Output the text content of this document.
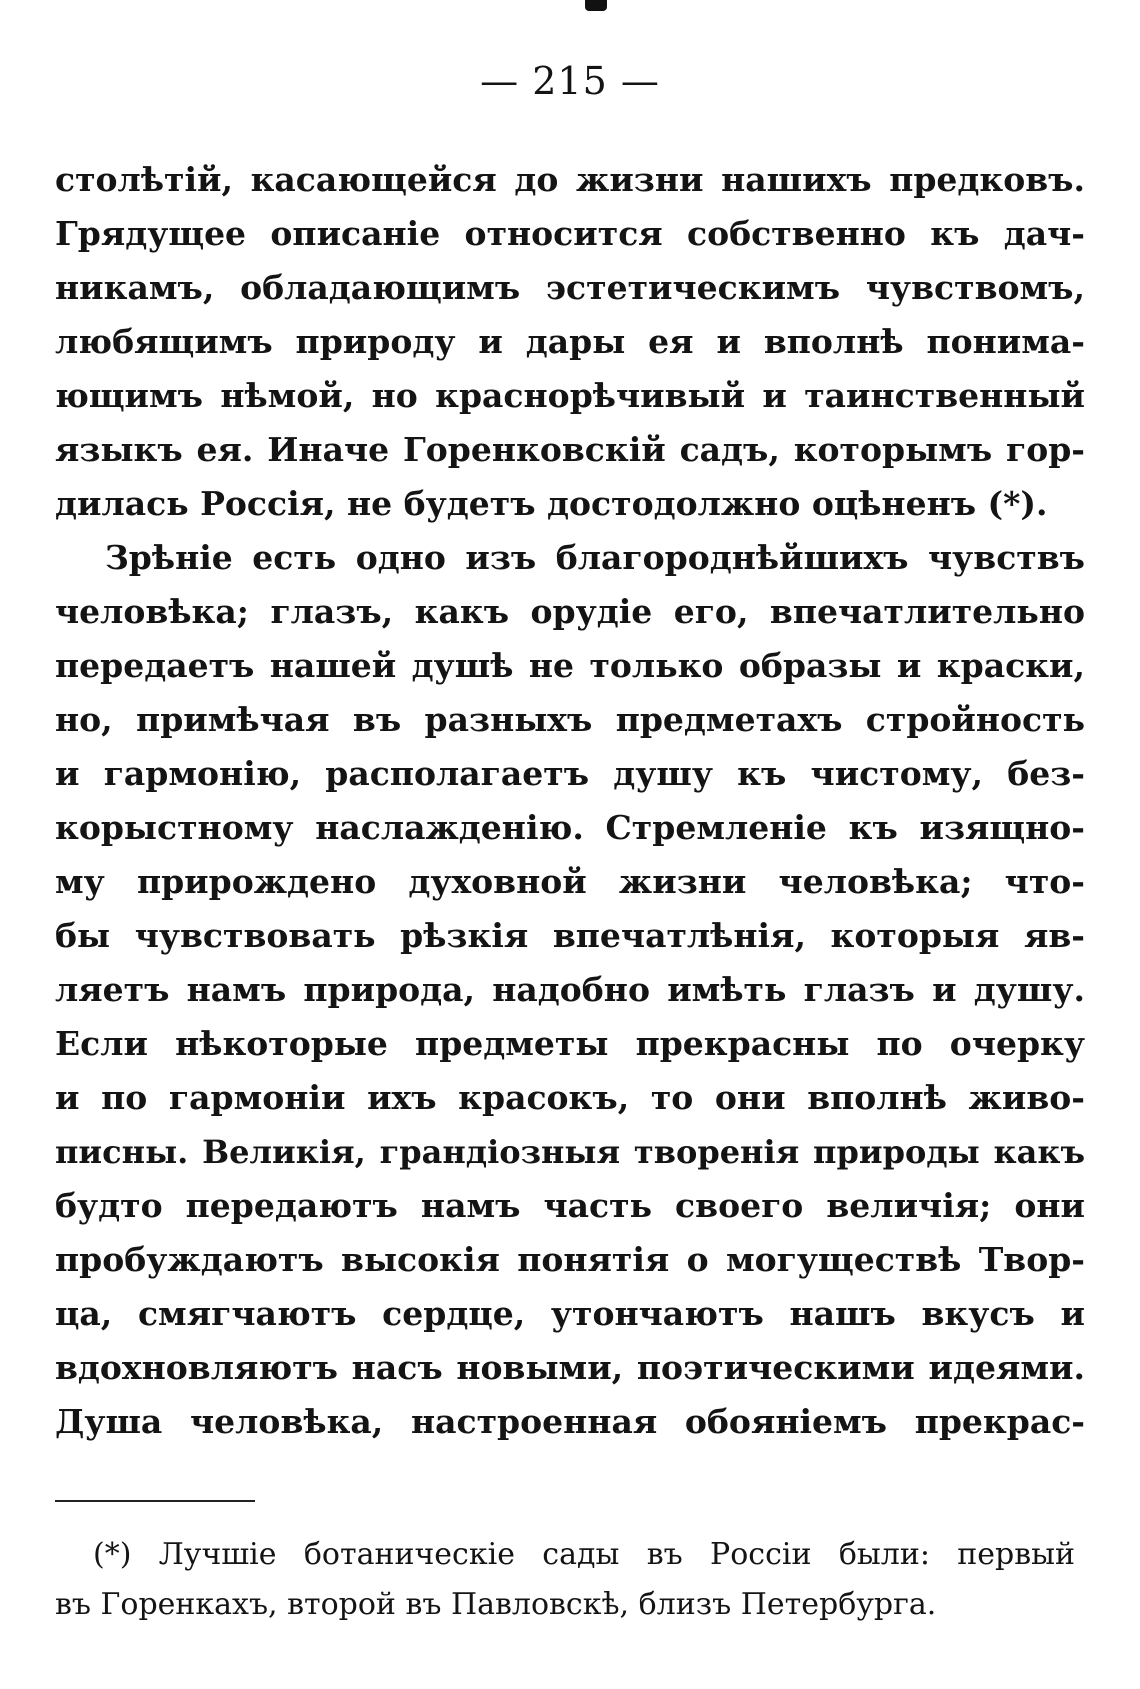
— 215 —
столѣтій, касающейся до жизни нашихъ предковъ.
Грядущее описаніе относится собственно къ дач-
никамъ, обладающимъ эстетическимъ чувствомъ,
любящимъ природу и дары ея и вполнѣ понима-
ющимъ нѣмой, но краснорѣчивый и таинственный
языкъ ея. Иначе Горенковскій садъ, которымъ гор-
дилась Россія, не будетъ достодолжно оцѣненъ (*).
Зрѣніе есть одно изъ благороднѣйшихъ чувствъ
человѣка; глазъ, какъ орудіе его, впечатлительно
передаетъ нашей душѣ не только образы и краски,
но, примѣчая въ разныхъ предметахъ стройность
и гармонію, располагаетъ душу къ чистому, без-
корыстному наслажденію. Стремленіе къ изящно-
му прирождено духовной жизни человѣка; что-
бы чувствовать рѣзкія впечатлѣнія, которыя яв-
ляетъ намъ природа, надобно имѣть глазъ и душу.
Если нѣкоторые предметы прекрасны по очерку
и по гармоніи ихъ красокъ, то они вполнѣ живо-
писны. Великія, грандіозныя творенія природы какъ
будто передаютъ намъ часть своего величія; они
пробуждаютъ высокія понятія о могуществѣ Твор-
ца, смягчаютъ сердце, утончаютъ нашъ вкусъ и
вдохновляютъ насъ новыми, поэтическими идеями.
Душа человѣка, настроенная обояніемъ прекрас-
(*) Лучшіе ботаническіе сады въ Россіи были: первый
въ Горенкахъ, второй въ Павловскѣ, близъ Петербурга.
